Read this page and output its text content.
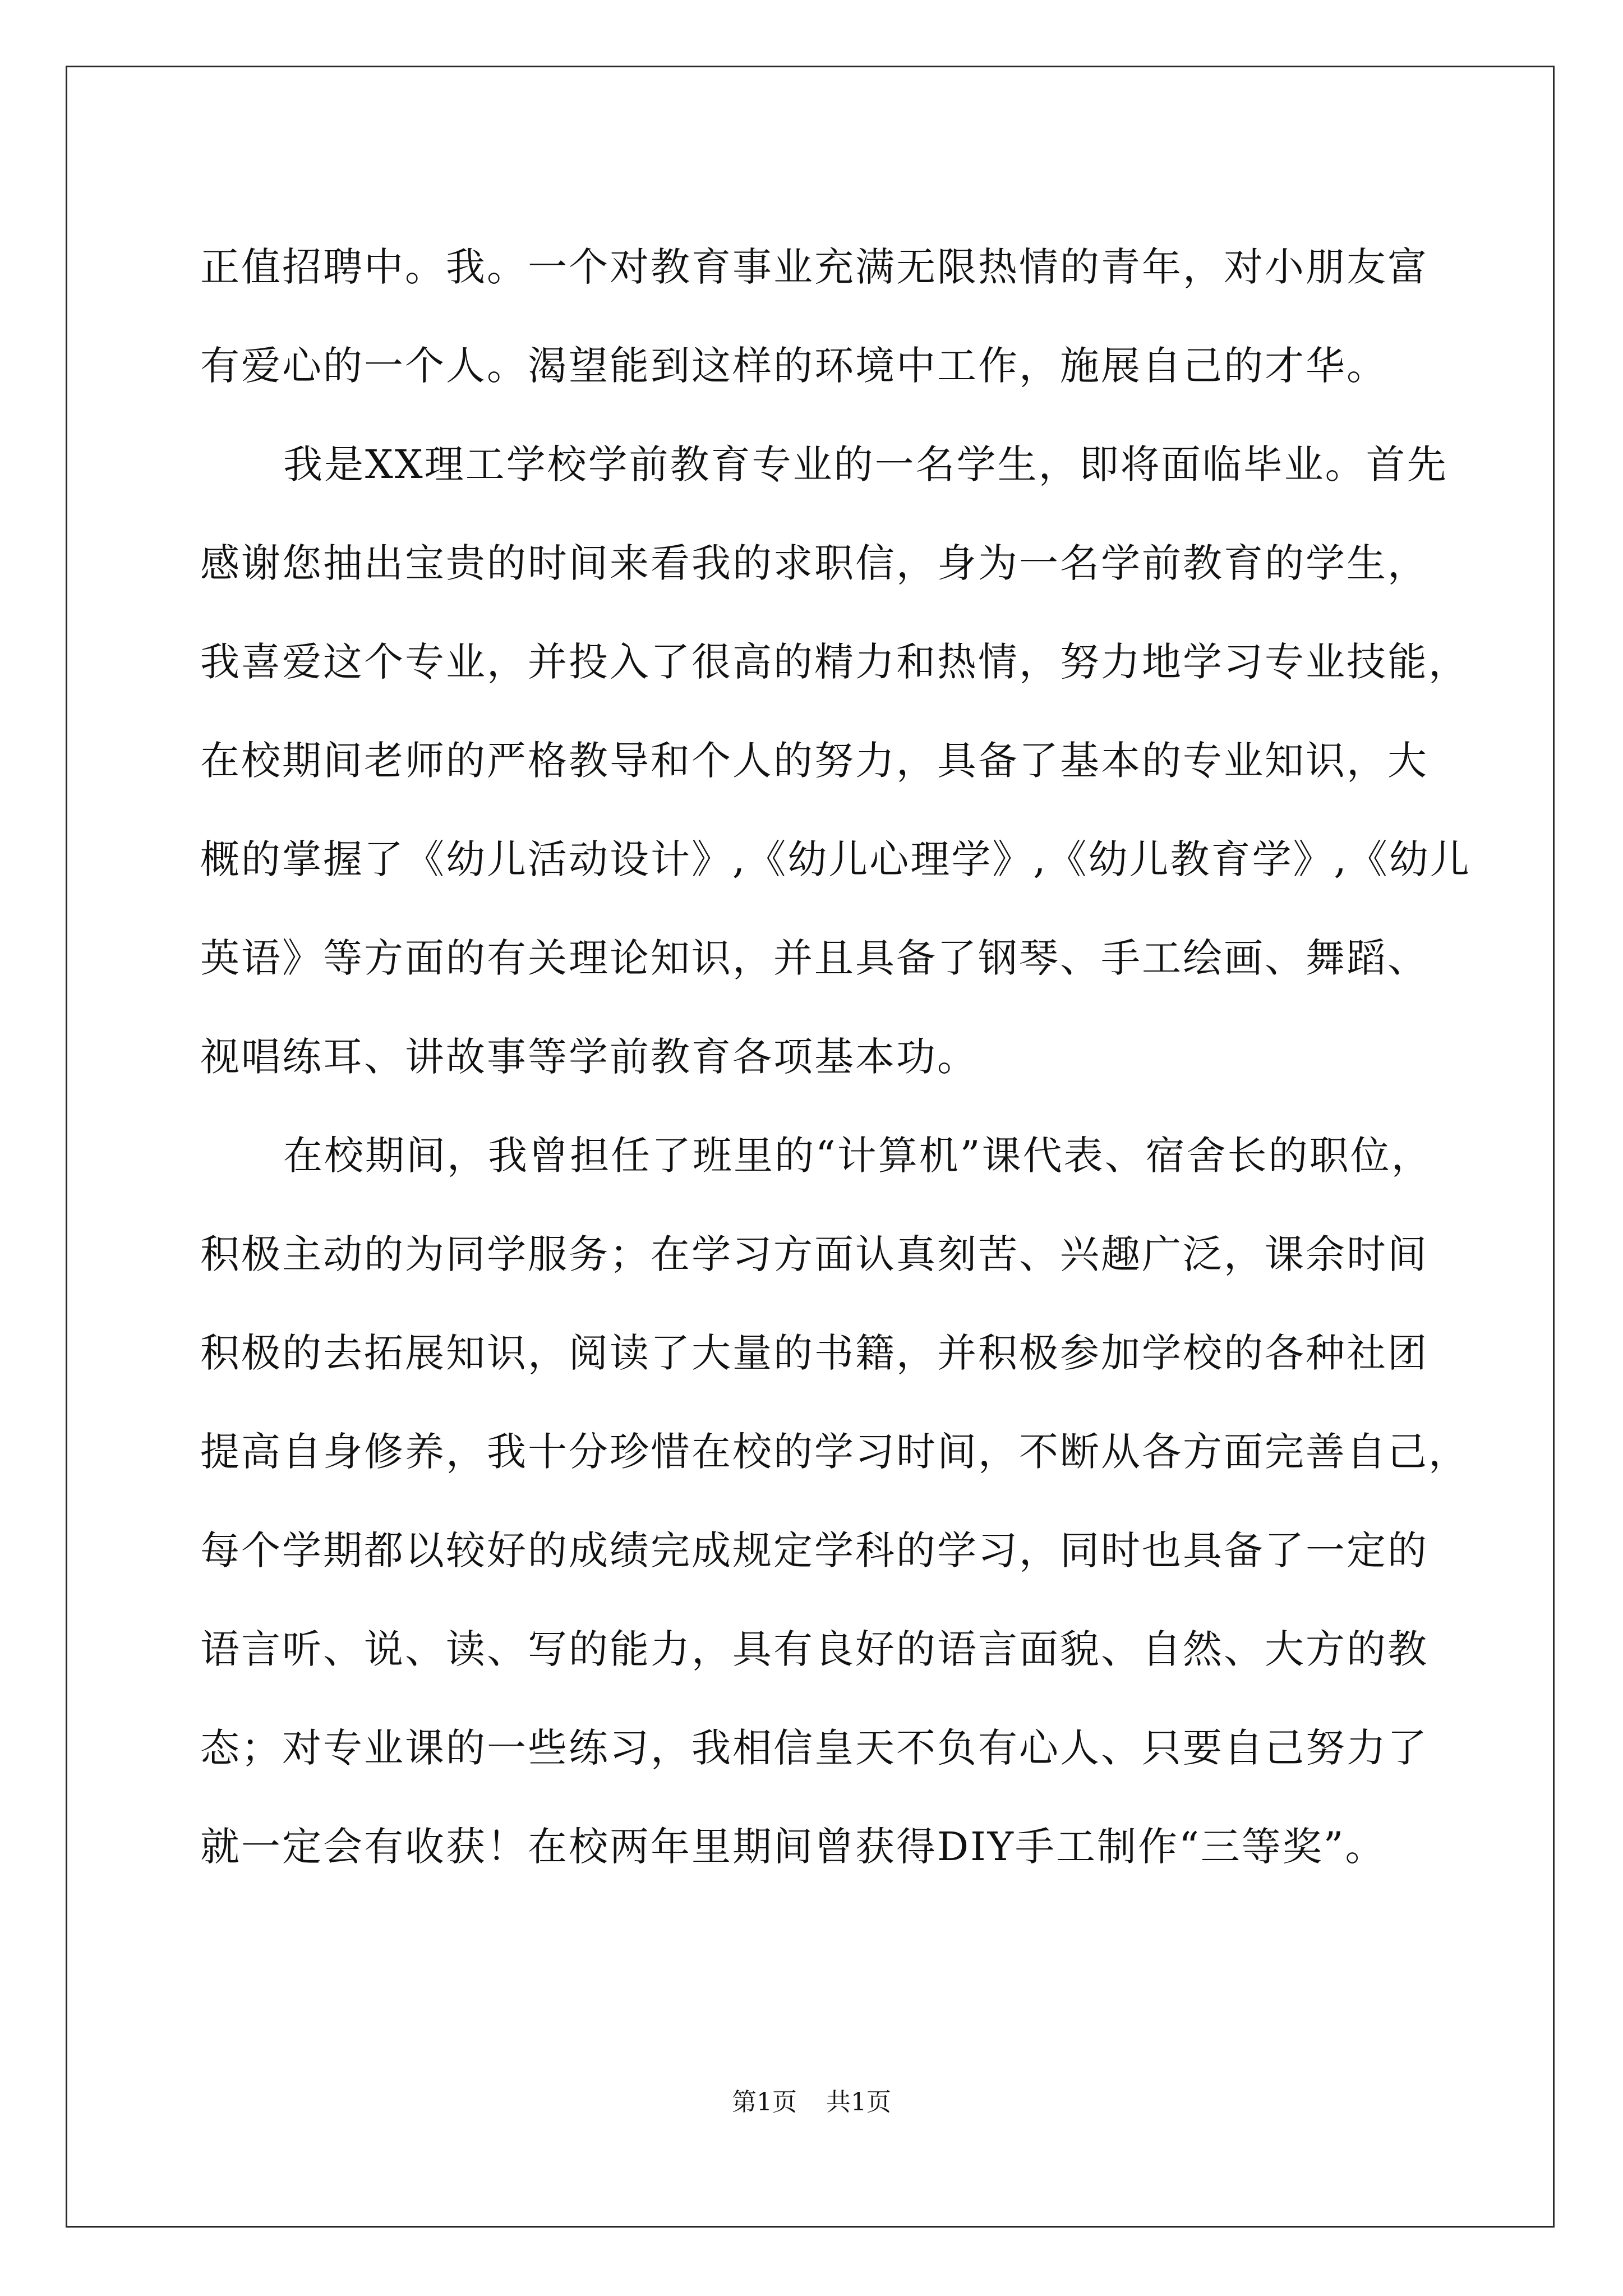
正值招聘中。我。一个对教育事业充满无限热情的青年，对小朋友富
有爱心的一个人。渴望能到这样的环境中工作，施展自己的才华。
我是XX理工学校学前教育专业的一名学生，即将面临毕业。首先
感谢您抽出宝贵的时间来看我的求职信，身为一名学前教育的学生，
我喜爱这个专业，并投入了很高的精力和热情，努力地学习专业技能，
在校期间老师的严格教导和个人的努力，具备了基本的专业知识，大
概的掌握了《幼儿活动设计》,《幼儿心理学》,《幼儿教育学》,《幼儿
英语》等方面的有关理论知识，并且具备了钢琴、手工绘画、舞蹈、
视唱练耳、讲故事等学前教育各项基本功。
在校期间，我曾担任了班里的“计算机”课代表、宿舍长的职位，
积极主动的为同学服务；在学习方面认真刻苦、兴趣广泛，课余时间
积极的去拓展知识，阅读了大量的书籍，并积极参加学校的各种社团
提高自身修养，我十分珍惜在校的学习时间，不断从各方面完善自己，
每个学期都以较好的成绩完成规定学科的学习，同时也具备了一定的
语言听、说、读、写的能力，具有良好的语言面貌、自然、大方的教
态；对专业课的一些练习，我相信皇天不负有心人、只要自己努力了
就一定会有收获！在校两年里期间曾获得DIY手工制作“三等奖”。
第1页 共1页
